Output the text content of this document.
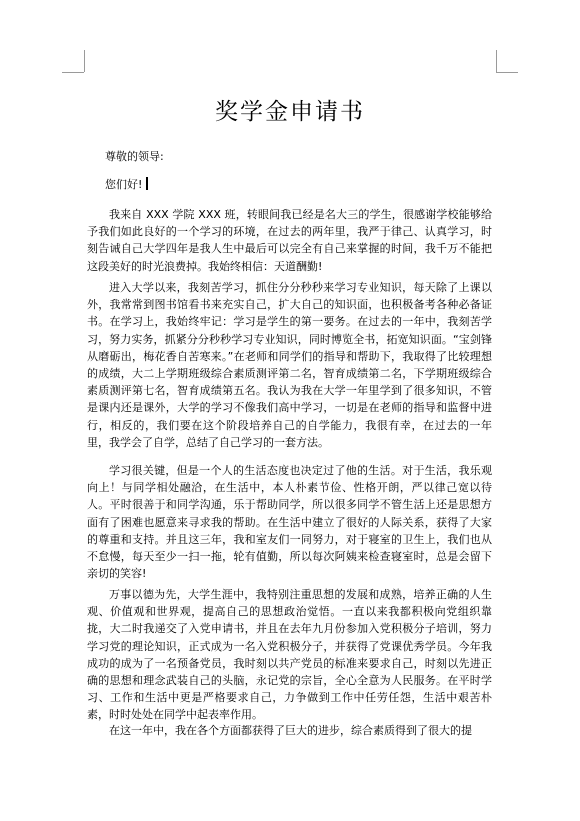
奖学金申请书
尊敬的领导:
您们好!

我来自 XXX 学院 XXX 班，转眼间我已经是名大三的学生，很感谢学校能够给予我们如此良好的一个学习的环境，在过去的两年里，我严于律己、认真学习，时刻告诫自己大学四年是我人生中最后可以完全有自己来掌握的时间，我千万不能把这段美好的时光浪费掉。我始终相信：天道酬勤!

进入大学以来，我刻苦学习，抓住分分秒秒来学习专业知识，每天除了上课以外，我常常到图书馆看书来充实自己，扩大自己的知识面，也积极备考各种必备证书。在学习上，我始终牢记：学习是学生的第一要务。在过去的一年中，我刻苦学习，努力实务，抓紧分分秒秒学习专业知识，同时博览全书，拓宽知识面。“宝剑锋从磨砺出，梅花香自苦寒来。”在老师和同学们的指导和帮助下，我取得了比较理想的成绩，大二上学期班级综合素质测评第二名，智育成绩第二名，下学期班级综合素质测评第七名，智育成绩第五名。我认为我在大学一年里学到了很多知识，不管是课内还是课外，大学的学习不像我们高中学习，一切是在老师的指导和监督中进行，相反的，我们要在这个阶段培养自己的自学能力，我很有幸，在过去的一年里，我学会了自学，总结了自己学习的一套方法。

学习很关键，但是一个人的生活态度也决定过了他的生活。对于生活，我乐观向上！与同学相处融洽，在生活中，本人朴素节俭、性格开朗，严以律己宽以待人。平时很善于和同学沟通，乐于帮助同学，所以很多同学不管生活上还是思想方面有了困难也愿意来寻求我的帮助。在生活中建立了很好的人际关系，获得了大家的尊重和支持。并且这三年，我和室友们一同努力，对于寝室的卫生上，我们也从不怠慢，每天至少一扫一拖，轮有值勤，所以每次阿姨来检查寝室时，总是会留下亲切的笑容!

万事以德为先，大学生涯中，我特别注重思想的发展和成熟，培养正确的人生观、价值观和世界观，提高自己的思想政治觉悟。一直以来我都积极向党组织靠拢，大二时我递交了入党申请书，并且在去年九月份参加入党积极分子培训，努力学习党的理论知识，正式成为一名入党积极分子，并获得了党课优秀学员。今年我成功的成为了一名预备党员，我时刻以共产党员的标准来要求自己，时刻以先进正确的思想和理念武装自己的头脑，永记党的宗旨，全心全意为人民服务。在平时学习、工作和生活中更是严格要求自己，力争做到工作中任劳任怨，生活中艰苦朴素，时时处处在同学中起表率作用。

在这一年中，我在各个方面都获得了巨大的进步，综合素质得到了很大的提
